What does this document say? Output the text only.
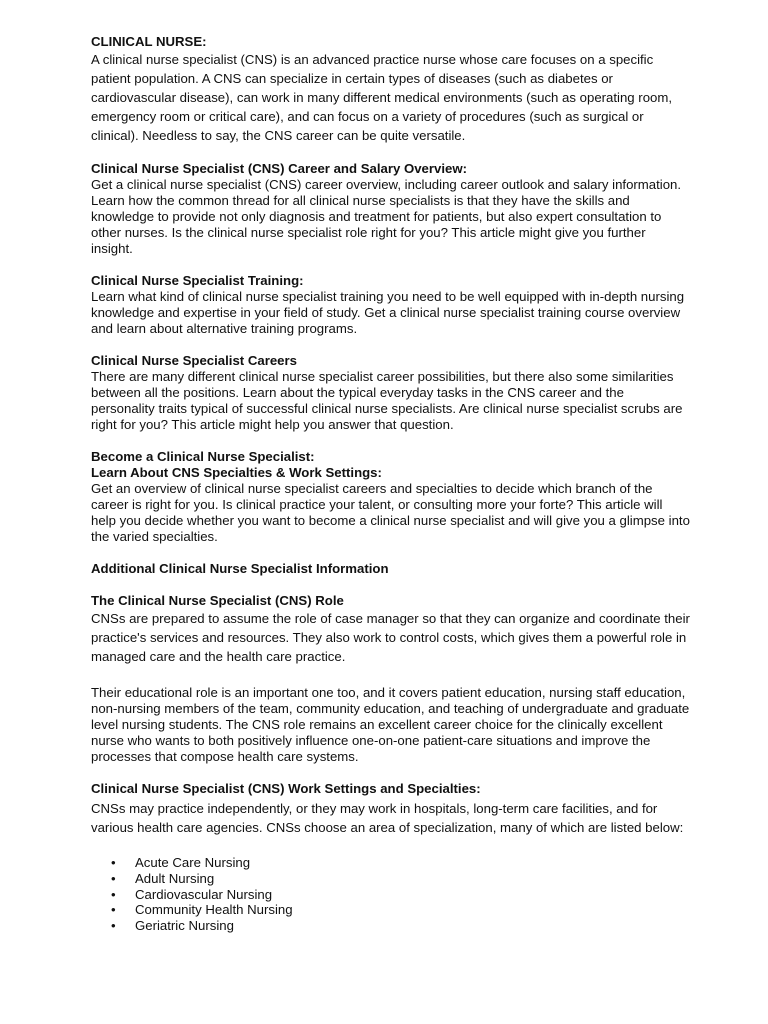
CLINICAL NURSE:

A clinical nurse specialist (CNS) is an advanced practice nurse whose care focuses on a specific patient population. A CNS can specialize in certain types of diseases (such as diabetes or cardiovascular disease), can work in many different medical environments (such as operating room, emergency room or critical care), and can focus on a variety of procedures (such as surgical or clinical). Needless to say, the CNS career can be quite versatile.

Clinical Nurse Specialist (CNS) Career and Salary Overview:

Get a clinical nurse specialist (CNS) career overview, including career outlook and salary information. Learn how the common thread for all clinical nurse specialists is that they have the skills and knowledge to provide not only diagnosis and treatment for patients, but also expert consultation to other nurses. Is the clinical nurse specialist role right for you? This article might give you further insight.

Clinical Nurse Specialist Training:

Learn what kind of clinical nurse specialist training you need to be well equipped with in-depth nursing knowledge and expertise in your field of study. Get a clinical nurse specialist training course overview and learn about alternative training programs.

Clinical Nurse Specialist Careers

There are many different clinical nurse specialist career possibilities, but there also some similarities between all the positions. Learn about the typical everyday tasks in the CNS career and the personality traits typical of successful clinical nurse specialists. Are clinical nurse specialist scrubs are right for you? This article might help you answer that question.

Become a Clinical Nurse Specialist:
Learn About CNS Specialties & Work Settings:

Get an overview of clinical nurse specialist careers and specialties to decide which branch of the career is right for you. Is clinical practice your talent, or consulting more your forte? This article will help you decide whether you want to become a clinical nurse specialist and will give you a glimpse into the varied specialties.

Additional Clinical Nurse Specialist Information
The Clinical Nurse Specialist (CNS) Role

CNSs are prepared to assume the role of case manager so that they can organize and coordinate their practice's services and resources. They also work to control costs, which gives them a powerful role in managed care and the health care practice.

Their educational role is an important one too, and it covers patient education, nursing staff education, non-nursing members of the team, community education, and teaching of undergraduate and graduate level nursing students. The CNS role remains an excellent career choice for the clinically excellent nurse who wants to both positively influence one-on-one patient-care situations and improve the processes that compose health care systems.

Clinical Nurse Specialist (CNS) Work Settings and Specialties:

CNSs may practice independently, or they may work in hospitals, long-term care facilities, and for various health care agencies. CNSs choose an area of specialization, many of which are listed below:

• Acute Care Nursing
• Adult Nursing
• Cardiovascular Nursing
• Community Health Nursing
• Geriatric Nursing
